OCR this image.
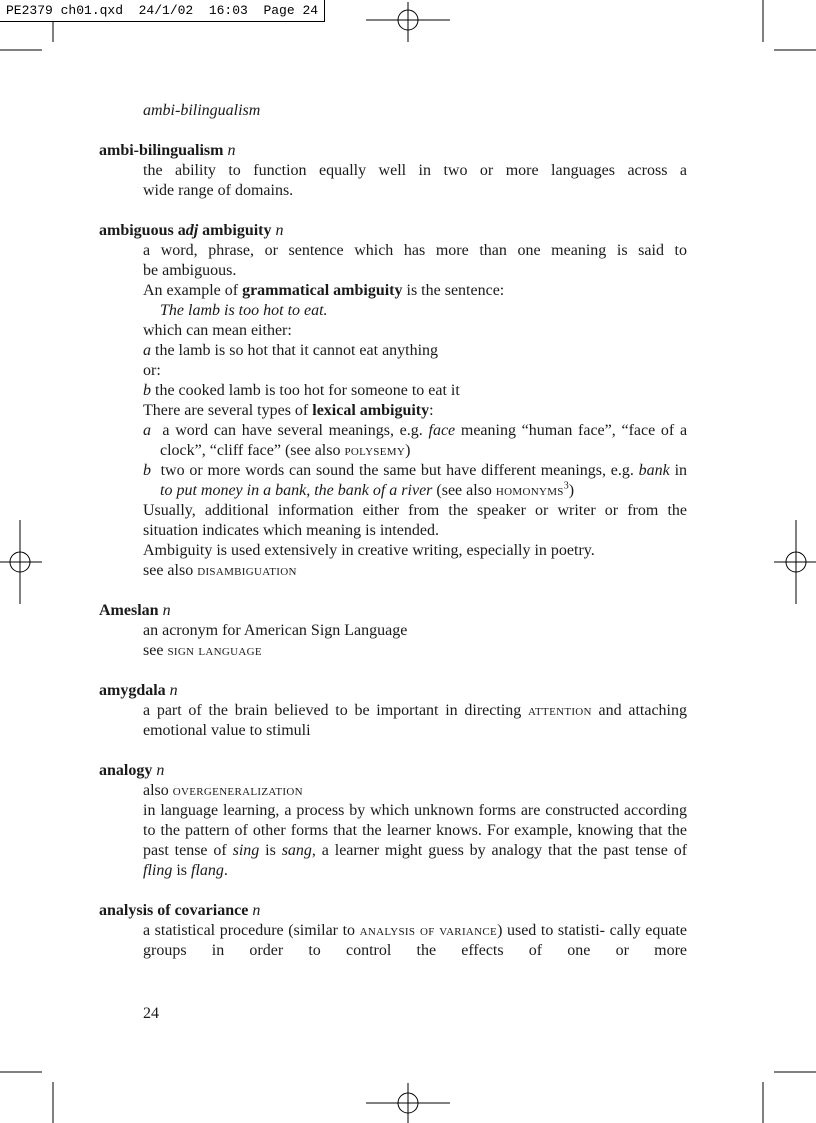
PE2379 ch01.qxd  24/1/02  16:03  Page 24
ambi-bilingualism

ambi-bilingualism n

the ability to function equally well in two or more languages across a

wide range of domains.

ambiguous adj ambiguity n

a word, phrase, or sentence which has more than one meaning is said to

be ambiguous.

An example of grammatical ambiguity is the sentence:

The lamb is too hot to eat.

which can mean either:

a the lamb is so hot that it cannot eat anything

or:

b the cooked lamb is too hot for someone to eat it

There are several types of lexical ambiguity:

a a word can have several meanings, e.g. face meaning “human face”, “face of a clock”, “cliff face” (see also polysemy)

b two or more words can sound the same but have different meanings, e.g. bank in to put money in a bank, the bank of a river (see also homonyms$^3$)

Usually, additional information either from the speaker or writer or from the situation indicates which meaning is intended.

Ambiguity is used extensively in creative writing, especially in poetry.

see also disambiguation

Ameslan n

an acronym for American Sign Language

see sign language

amygdala n

a part of the brain believed to be important in directing attention and attaching emotional value to stimuli

analogy n

also overgeneralization

in language learning, a process by which unknown forms are constructed according to the pattern of other forms that the learner knows. For example, knowing that the past tense of sing is sang, a learner might guess by analogy that the past tense of fling is flang.

analysis of covariance n

a statistical procedure (similar to analysis of variance) used to statisti- cally equate groups in order to control the effects of one or more

24
